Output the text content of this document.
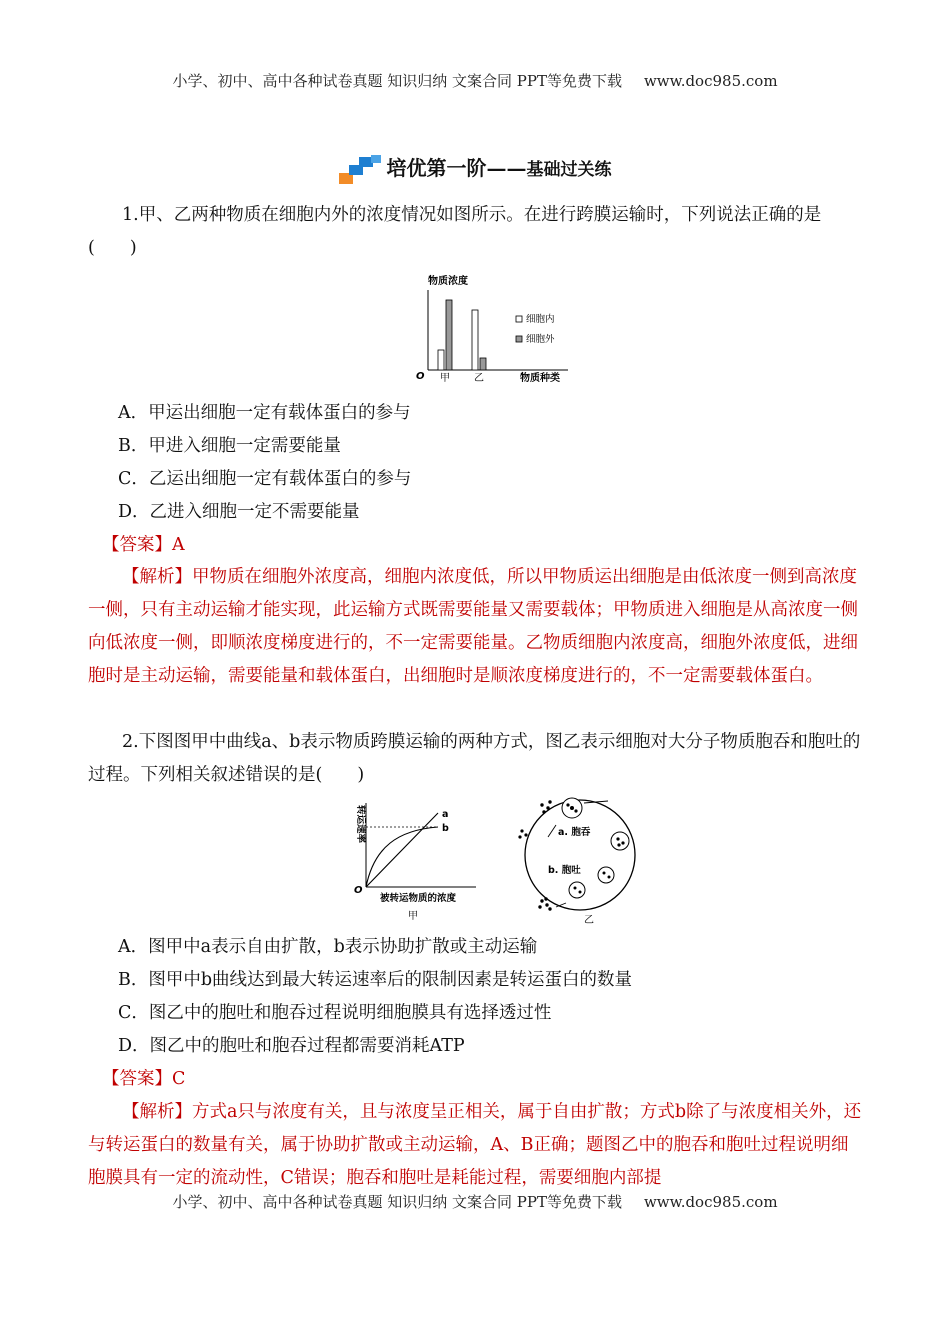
小学、初中、高中各种试卷真题 知识归纳 文案合同 PPT等免费下载 www.doc985.com
培优第一阶——基础过关练
1.甲、乙两种物质在细胞内外的浓度情况如图所示。在进行跨膜运输时，下列说法正确的是(　　)
物质浓度
O 甲 乙	物质种类
细胞内
细胞外
A．甲运出细胞一定有载体蛋白的参与
B．甲进入细胞一定需要能量
C．乙运出细胞一定有载体蛋白的参与
D．乙进入细胞一定不需要能量
【答案】A
【解析】甲物质在细胞外浓度高，细胞内浓度低，所以甲物质运出细胞是由低浓度一侧到高浓度一侧，只有主动运输才能实现，此运输方式既需要能量又需要载体；甲物质进入细胞是从高浓度一侧向低浓度一侧，即顺浓度梯度进行的，不一定需要能量。乙物质细胞内浓度高，细胞外浓度低，进细胞时是主动运输，需要能量和载体蛋白，出细胞时是顺浓度梯度进行的，不一定需要载体蛋白。
2.下图图甲中曲线a、b表示物质跨膜运输的两种方式，图乙表示细胞对大分子物质胞吞和胞吐的过程。下列相关叙述错误的是(　　)
转运速率
O
a
b
被转运物质的浓度
甲
a. 胞吞
b. 胞吐
乙
A．图甲中a表示自由扩散，b表示协助扩散或主动运输
B．图甲中b曲线达到最大转运速率后的限制因素是转运蛋白的数量
C．图乙中的胞吐和胞吞过程说明细胞膜具有选择透过性
D．图乙中的胞吐和胞吞过程都需要消耗ATP
【答案】C
【解析】方式a只与浓度有关，且与浓度呈正相关，属于自由扩散；方式b除了与浓度相关外，还与转运蛋白的数量有关，属于协助扩散或主动运输，A、B正确；题图乙中的胞吞和胞吐过程说明细胞膜具有一定的流动性，C错误；胞吞和胞吐是耗能过程，需要细胞内部提
小学、初中、高中各种试卷真题 知识归纳 文案合同 PPT等免费下载 www.doc985.com
